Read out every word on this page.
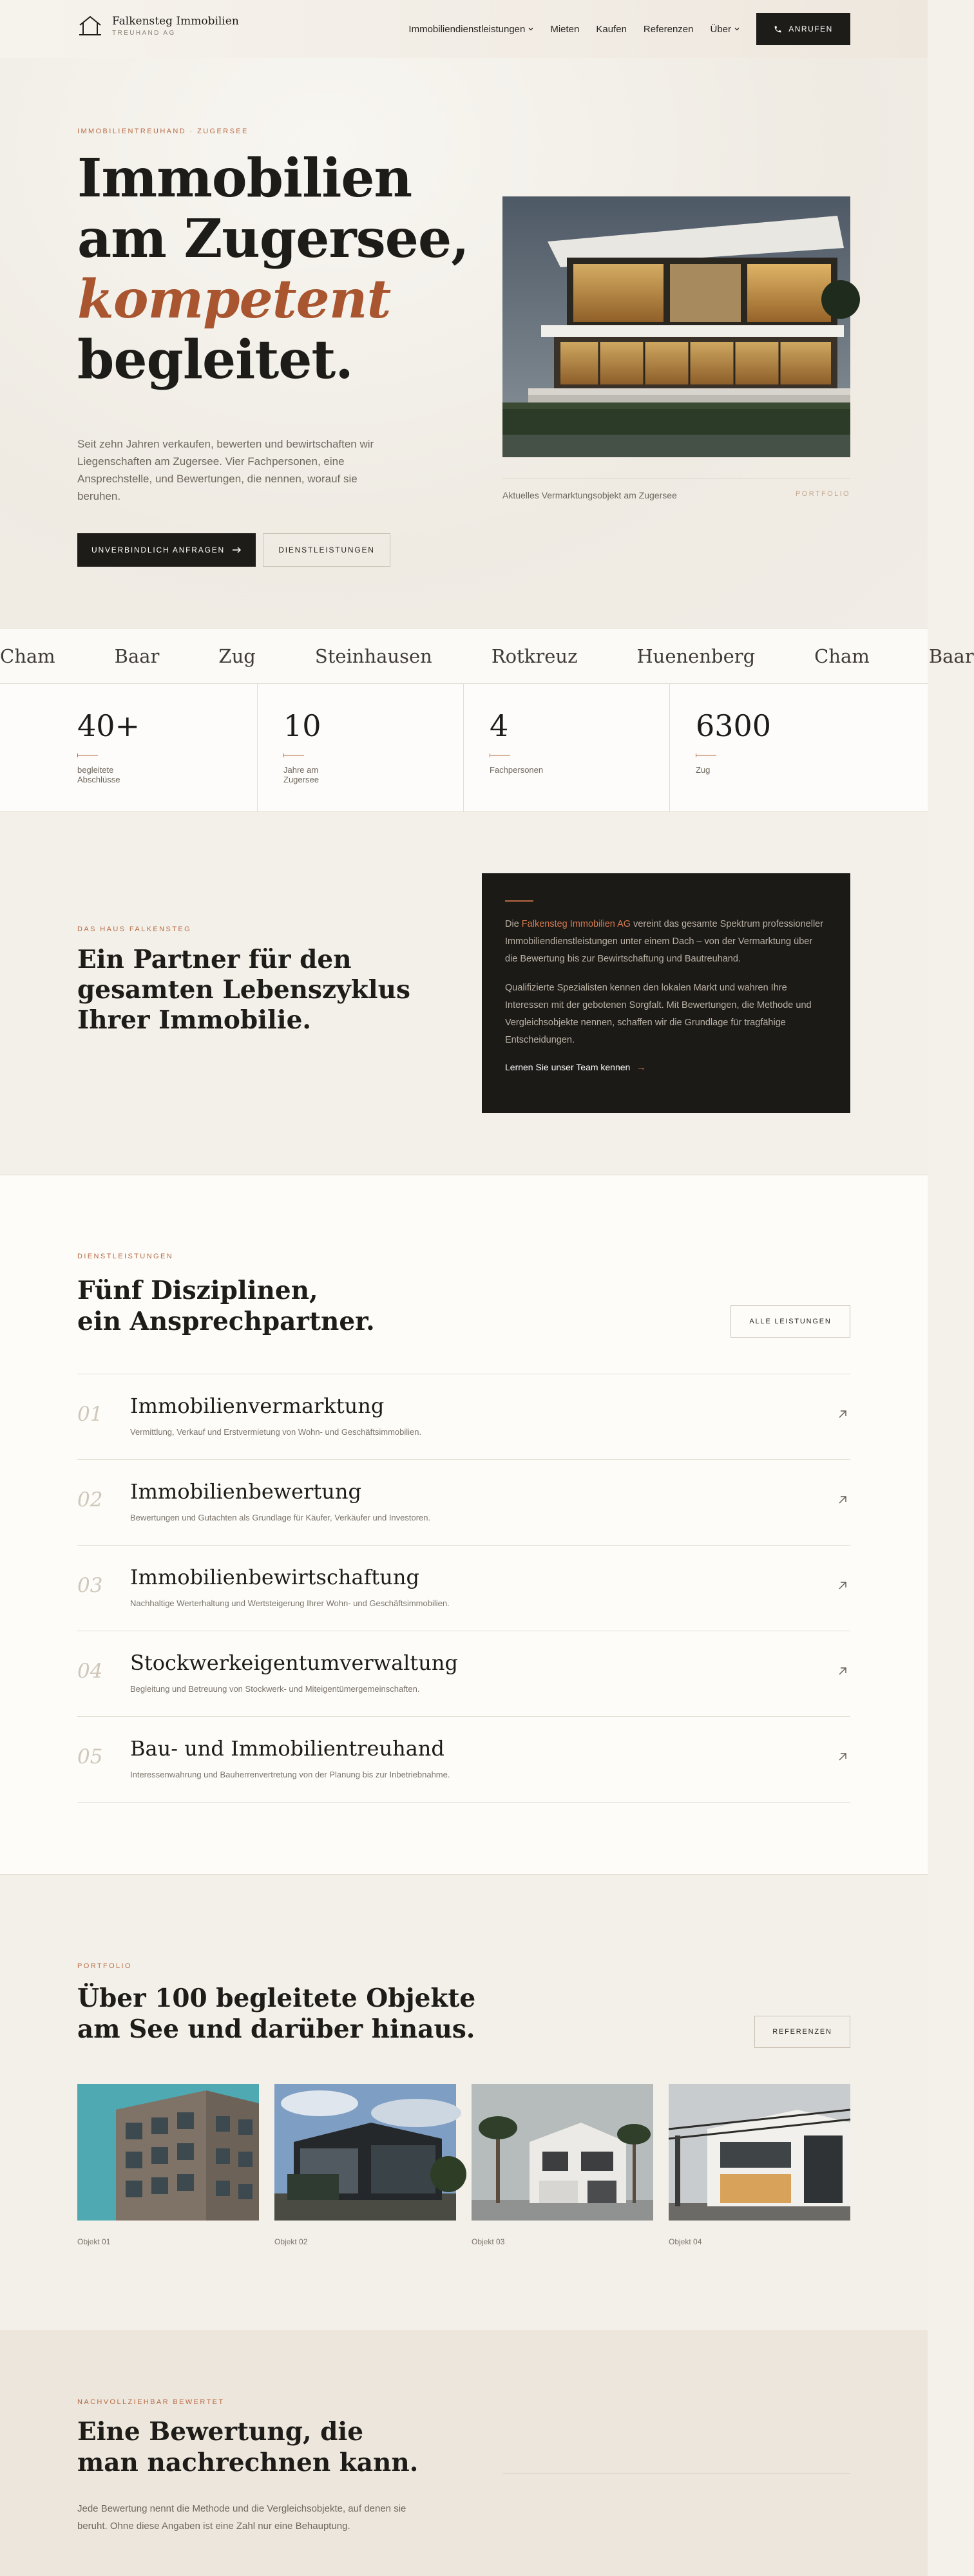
Falkensteg Immobilien
TREUHAND AG	Immobiliendienstleistungen	Mieten Kaufen Referenzen Über	ANRUFEN
IMMOBILIENTREUHAND · ZUGERSEE
Immobilien
am Zugersee,
kompetent
begleitet.

Seit zehn Jahren verkaufen, bewerten und bewirtschaften wir Liegenschaften am Zugersee. Vier Fachpersonen, eine Ansprechstelle, und Bewertungen, die nennen, worauf sie beruhen.

UNVERBINDLICH ANFRAGEN	DIENSTLEISTUNGEN
Aktuelles Vermarktungsobjekt am Zugersee	PORTFOLIO
Cham	Baar	Zug	Steinhausen	Rotkreuz	Huenenberg	Cham	Baar
40+
begleitete Abschlüsse
10
Jahre am Zugersee
4
Fachpersonen
6300
Zug
DAS HAUS FALKENSTEG
Ein Partner für den gesamten Lebenszyklus Ihrer Immobilie.

Die Falkensteg Immobilien AG vereint das gesamte Spektrum professioneller Immobiliendienstleistungen unter einem Dach – von der Vermarktung über die Bewertung bis zur Bewirtschaftung und Bautreuhand.

Qualifizierte Spezialisten kennen den lokalen Markt und wahren Ihre Interessen mit der gebotenen Sorgfalt. Mit Bewertungen, die Methode und Vergleichsobjekte nennen, schaffen wir die Grundlage für tragfähige Entscheidungen.

Lernen Sie unser Team kennen →
DIENSTLEISTUNGEN
Fünf Disziplinen,
ein Ansprechpartner.	ALLE LEISTUNGEN
01 Immobilienvermarktung
Vermittlung, Verkauf und Erstvermietung von Wohn- und Geschäftsimmobilien.
02 Immobilienbewertung
Bewertungen und Gutachten als Grundlage für Käufer, Verkäufer und Investoren.
03 Immobilienbewirtschaftung
Nachhaltige Werterhaltung und Wertsteigerung Ihrer Wohn- und Geschäftsimmobilien.
04 Stockwerkeigentumverwaltung
Begleitung und Betreuung von Stockwerk- und Miteigentümergemeinschaften.
05 Bau- und Immobilientreuhand
Interessenwahrung und Bauherrenvertretung von der Planung bis zur Inbetriebnahme.
PORTFOLIO
Über 100 begleitete Objekte
am See und darüber hinaus.	REFERENZEN
Objekt 01	Objekt 02	Objekt 03	Objekt 04
NACHVOLLZIEHBAR BEWERTET
Eine Bewertung, die
man nachrechnen kann.

Jede Bewertung nennt die Methode und die Vergleichsobjekte, auf denen sie beruht. Ohne diese Angaben ist eine Zahl nur eine Behauptung.
